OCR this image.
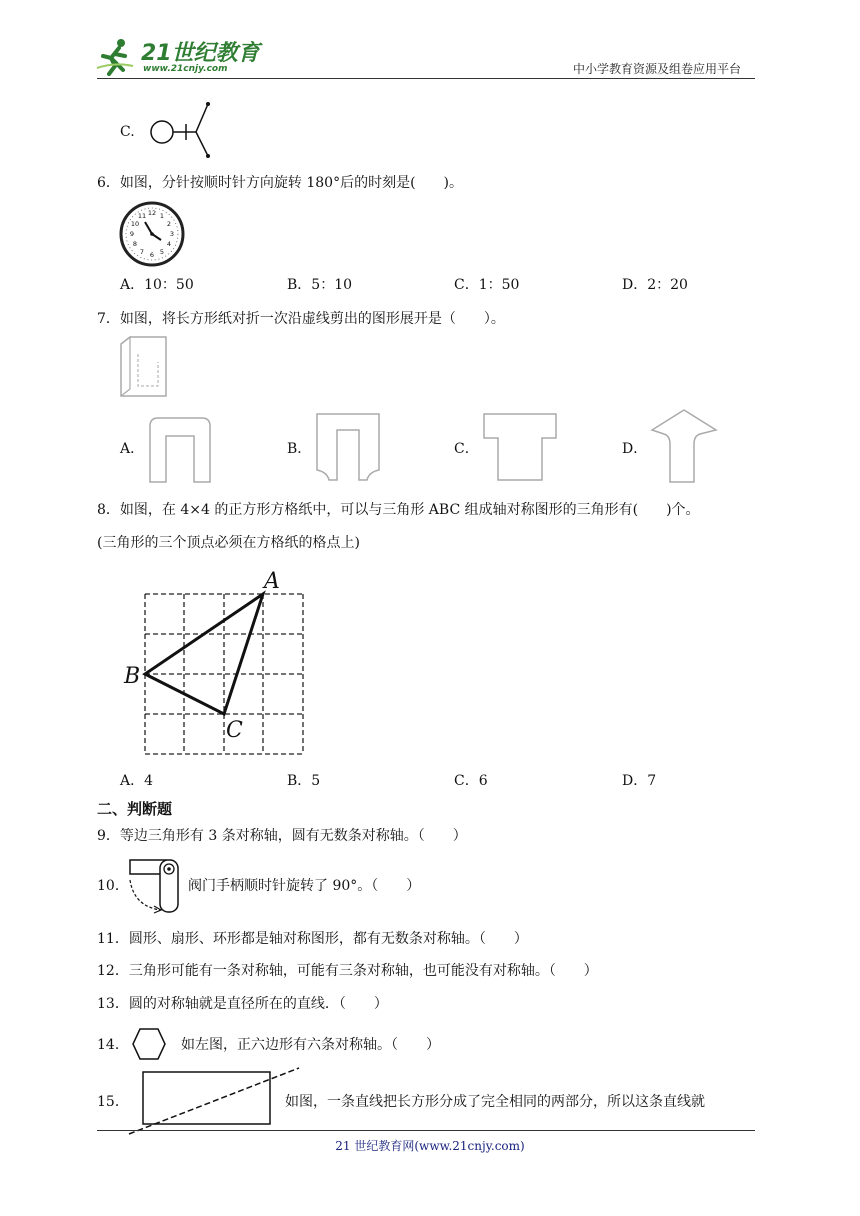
21世纪教育
www.21cnjy.com	中小学教育资源及组卷应用平台
C.
6．如图，分针按顺时针方向旋转 180°后的时刻是(　　)。
12 1
2
3
4
5
6
7
8
9
10
11
A．10：50	B．5：10	C．1：50	D．2：20
7．如图，将长方形纸对折一次沿虚线剪出的图形展开是（　　）。
A．	B．	C．	D．
8．如图，在 4×4 的正方形方格纸中，可以与三角形 ABC 组成轴对称图形的三角形有(　　)个。
(三角形的三个顶点必须在方格纸的格点上)
A
B
C
A．4	B．5	C．6	D．7
二、判断题
9．等边三角形有 3 条对称轴，圆有无数条对称轴。（　　）
10．	阀门手柄顺时针旋转了 90°。（　　）
11．圆形、扇形、环形都是轴对称图形，都有无数条对称轴。（　　）
12．三角形可能有一条对称轴，可能有三条对称轴，也可能没有对称轴。（　　）
13．圆的对称轴就是直径所在的直线．（　　）
14．	如左图，正六边形有六条对称轴。（　　）
15．	如图，一条直线把长方形分成了完全相同的两部分，所以这条直线就
21 世纪教育网(www.21cnjy.com)
